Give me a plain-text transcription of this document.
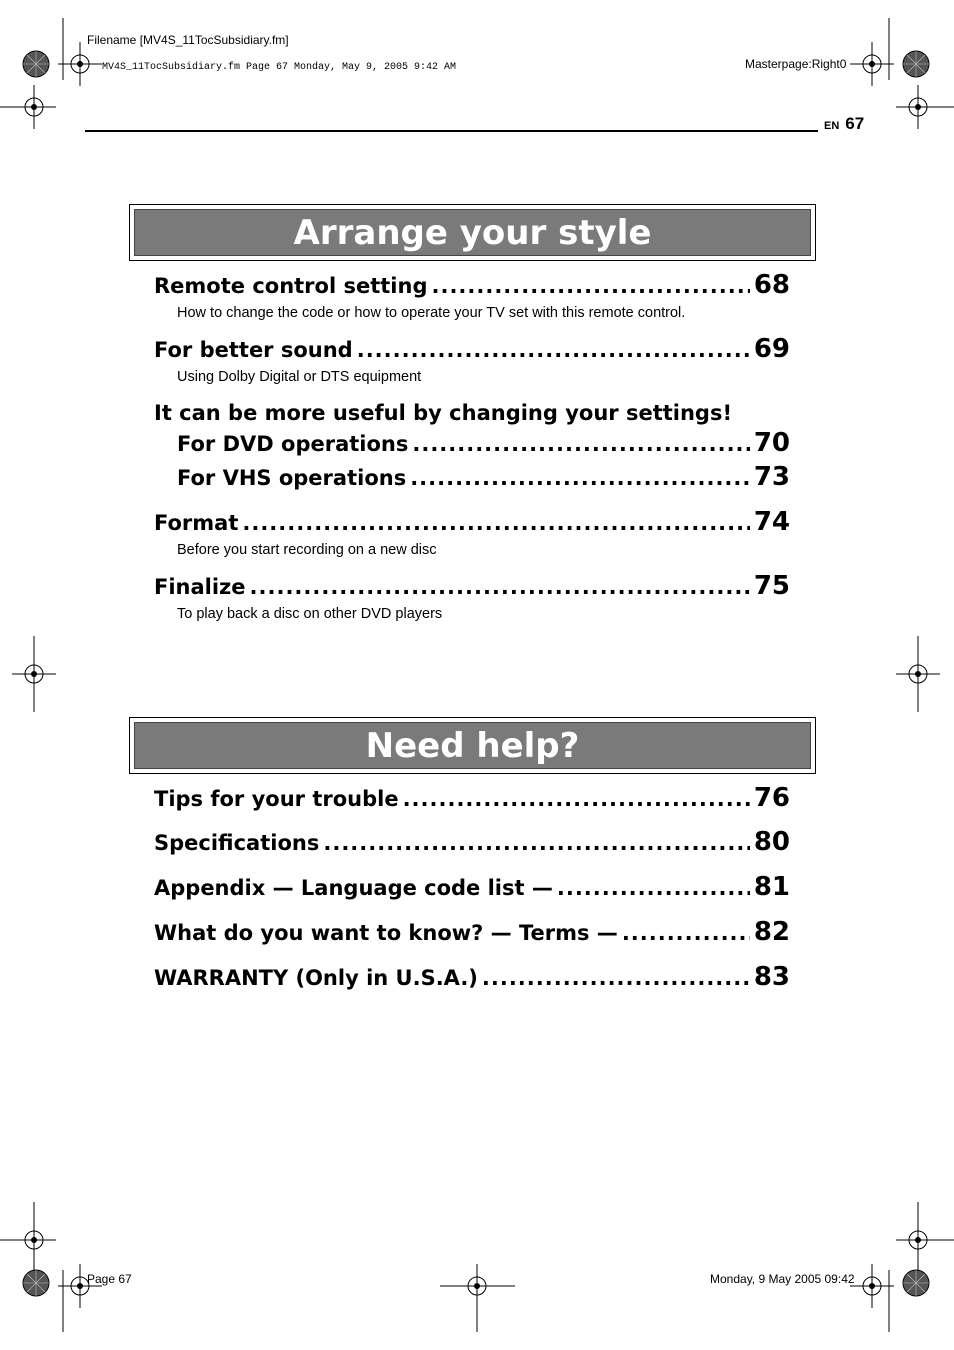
Filename [MV4S_11TocSubsidiary.fm]
MV4S_11TocSubsidiary.fm Page 67 Monday, May 9, 2005 9:42 AM	Masterpage:Right0
EN 67
Arrange your style
Remote control setting .....	68
How to change the code or how to operate your TV set with this remote control.
For better sound .....	69
Using Dolby Digital or DTS equipment
It can be more useful by changing your settings!
For DVD operations .....	70
For VHS operations .....	73
Format .....	74
Before you start recording on a new disc
Finalize .....	75
To play back a disc on other DVD players
Need help?
Tips for your trouble .....	76
Specifications .....	80
Appendix — Language code list — .....	81
What do you want to know? — Terms — .....	82
WARRANTY (Only in U.S.A.) .....	83
Page 67	Monday, 9 May 2005 09:42
